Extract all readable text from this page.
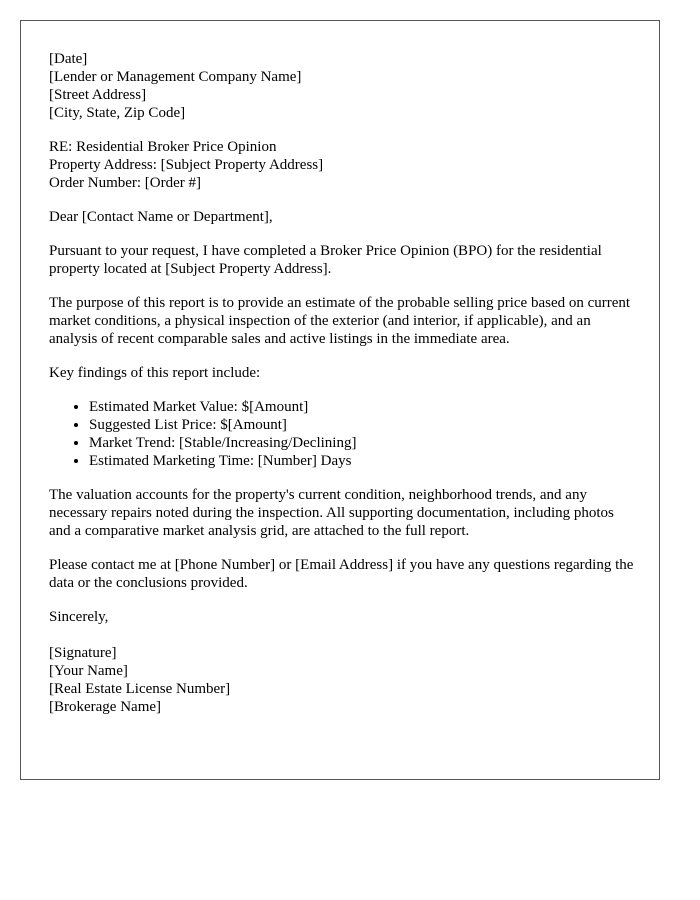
[Date]
[Lender or Management Company Name]
[Street Address]
[City, State, Zip Code]
RE: Residential Broker Price Opinion
Property Address: [Subject Property Address]
Order Number: [Order #]

Dear [Contact Name or Department],

Pursuant to your request, I have completed a Broker Price Opinion (BPO) for the residential property located at [Subject Property Address].

The purpose of this report is to provide an estimate of the probable selling price based on current market conditions, a physical inspection of the exterior (and interior, if applicable), and an analysis of recent comparable sales and active listings in the immediate area.

Key findings of this report include:

• Estimated Market Value: $[Amount]
• Suggested List Price: $[Amount]
• Market Trend: [Stable/Increasing/Declining]
• Estimated Marketing Time: [Number] Days

The valuation accounts for the property's current condition, neighborhood trends, and any necessary repairs noted during the inspection. All supporting documentation, including photos and a comparative market analysis grid, are attached to the full report.

Please contact me at [Phone Number] or [Email Address] if you have any questions regarding the data or the conclusions provided.

Sincerely,

[Signature]
[Your Name]
[Real Estate License Number]
[Brokerage Name]
